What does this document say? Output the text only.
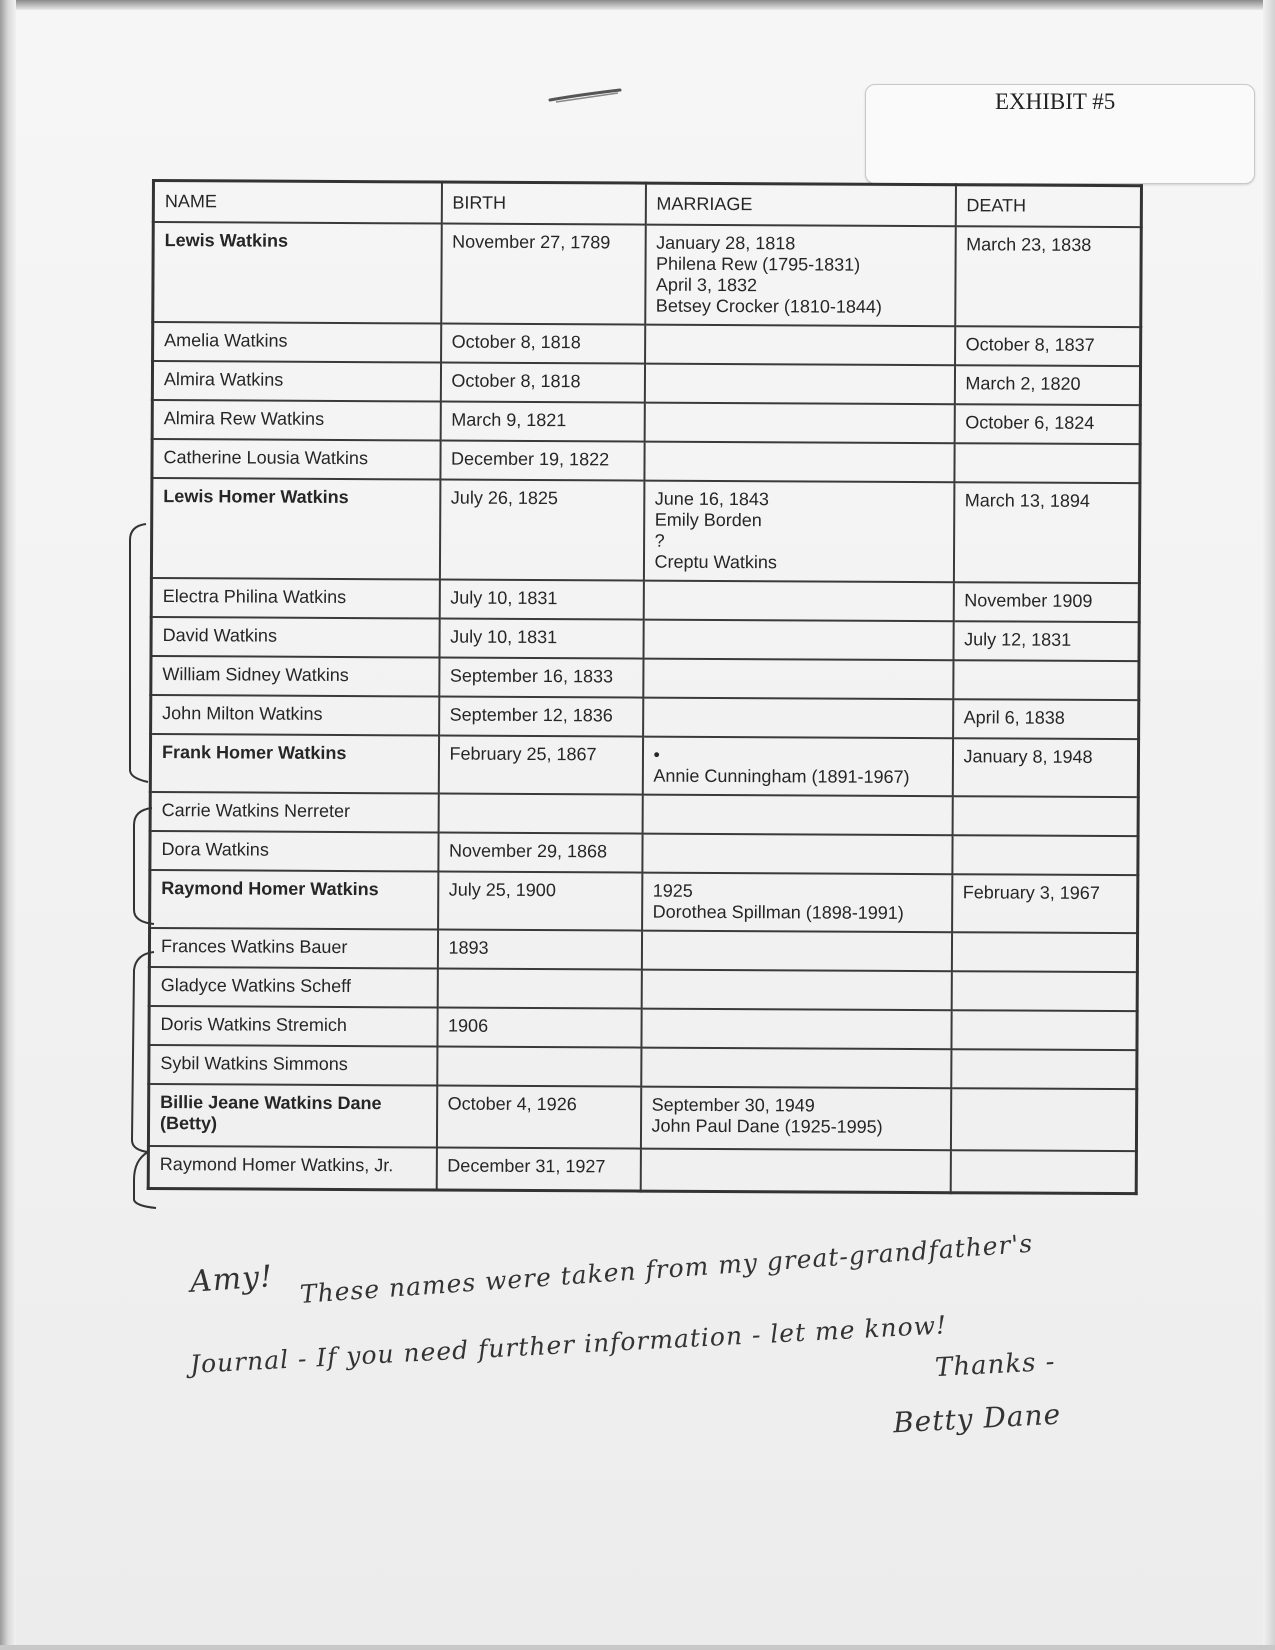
EXHIBIT #5
NAME	BIRTH	MARRIAGE	DEATH
Lewis Watkins	November 27, 1789	January 28, 1818
Philena Rew (1795-1831)
April 3, 1832
Betsey Crocker (1810-1844)	March 23, 1838
Amelia Watkins	October 8, 1818		October 8, 1837
Almira Watkins	October 8, 1818		March 2, 1820
Almira Rew Watkins	March 9, 1821		October 6, 1824
Catherine Lousia Watkins	December 19, 1822		
Lewis Homer Watkins	July 26, 1825	June 16, 1843
Emily Borden
?
Creptu Watkins	March 13, 1894
Electra Philina Watkins	July 10, 1831		November 1909
David Watkins	July 10, 1831		July 12, 1831
William Sidney Watkins	September 16, 1833		
John Milton Watkins	September 12, 1836		April 6, 1838
Frank Homer Watkins	February 25, 1867	•
Annie Cunningham (1891-1967)	January 8, 1948
Carrie Watkins Nerreter			
Dora Watkins	November 29, 1868		
Raymond Homer Watkins	July 25, 1900	1925
Dorothea Spillman (1898-1991)	February 3, 1967
Frances Watkins Bauer	1893		
Gladyce Watkins Scheff			
Doris Watkins Stremich	1906		
Sybil Watkins Simmons			
Billie Jeane Watkins Dane (Betty)	October 4, 1926	September 30, 1949
John Paul Dane (1925-1995)	

Raymond Homer Watkins, Jr.	December 31, 1927		
Amy! These names were taken from my great-grandfather's
Journal - If you need further information - let me know!
Thanks -
Betty Dane
